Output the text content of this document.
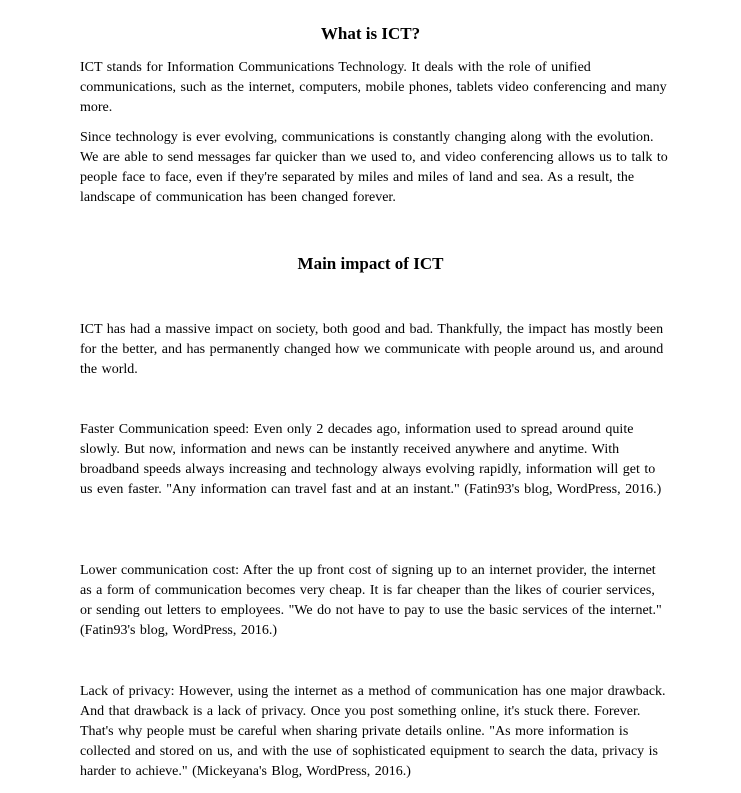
What is ICT?

ICT stands for Information Communications Technology. It deals with the role of unified communications, such as the internet, computers, mobile phones, tablets video conferencing and many more.

Since technology is ever evolving, communications is constantly changing along with the evolution. We are able to send messages far quicker than we used to, and video conferencing allows us to talk to people face to face, even if they're separated by miles and miles of land and sea. As a result, the landscape of communication has been changed forever.

Main impact of ICT

ICT has had a massive impact on society, both good and bad. Thankfully, the impact has mostly been for the better, and has permanently changed how we communicate with people around us, and around the world.

Faster Communication speed: Even only 2 decades ago, information used to spread around quite slowly. But now, information and news can be instantly received anywhere and anytime. With broadband speeds always increasing and technology always evolving rapidly, information will get to us even faster. "Any information can travel fast and at an instant." (Fatin93's blog, WordPress, 2016.)

Lower communication cost: After the up front cost of signing up to an internet provider, the internet as a form of communication becomes very cheap. It is far cheaper than the likes of courier services, or sending out letters to employees. "We do not have to pay to use the basic services of the internet." (Fatin93's blog, WordPress, 2016.)

Lack of privacy: However, using the internet as a method of communication has one major drawback. And that drawback is a lack of privacy. Once you post something online, it's stuck there. Forever. That's why people must be careful when sharing private details online. "As more information is collected and stored on us, and with the use of sophisticated equipment to search the data, privacy is harder to achieve." (Mickeyana's Blog, WordPress, 2016.)
